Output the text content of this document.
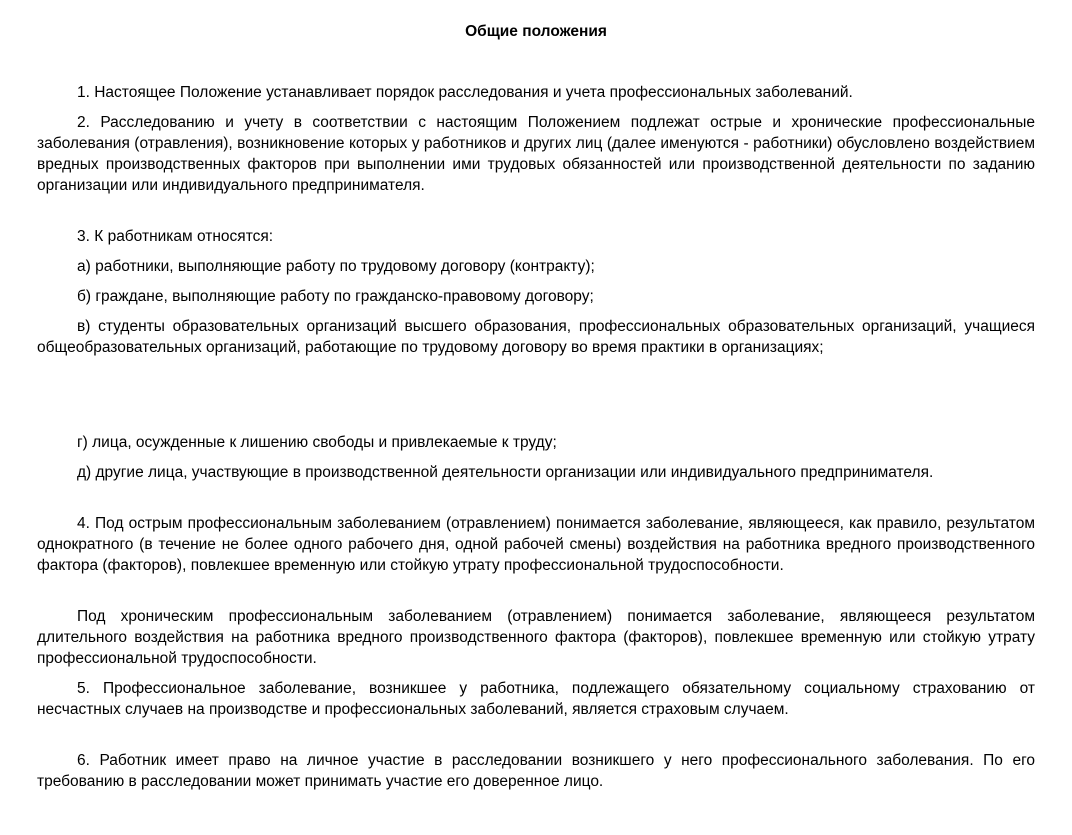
Общие положения

1. Настоящее Положение устанавливает порядок расследования и учета профессиональных заболеваний.

2. Расследованию и учету в соответствии с настоящим Положением подлежат острые и хронические профессиональные заболевания (отравления), возникновение которых у работников и других лиц (далее именуются - работники) обусловлено воздействием вредных производственных факторов при выполнении ими трудовых обязанностей или производственной деятельности по заданию организации или индивидуального предпринимателя.

3. К работникам относятся:

а) работники, выполняющие работу по трудовому договору (контракту);

б) граждане, выполняющие работу по гражданско-правовому договору;

в) студенты образовательных организаций высшего образования, профессиональных образовательных организаций, учащиеся общеобразовательных организаций, работающие по трудовому договору во время практики в организациях;

г) лица, осужденные к лишению свободы и привлекаемые к труду;

д) другие лица, участвующие в производственной деятельности организации или индивидуального предпринимателя.

4. Под острым профессиональным заболеванием (отравлением) понимается заболевание, являющееся, как правило, результатом однократного (в течение не более одного рабочего дня, одной рабочей смены) воздействия на работника вредного производственного фактора (факторов), повлекшее временную или стойкую утрату профессиональной трудоспособности.

Под хроническим профессиональным заболеванием (отравлением) понимается заболевание, являющееся результатом длительного воздействия на работника вредного производственного фактора (факторов), повлекшее временную или стойкую утрату профессиональной трудоспособности.

5. Профессиональное заболевание, возникшее у работника, подлежащего обязательному социальному страхованию от несчастных случаев на производстве и профессиональных заболеваний, является страховым случаем.

6. Работник имеет право на личное участие в расследовании возникшего у него профессионального заболевания. По его требованию в расследовании может принимать участие его доверенное лицо.
